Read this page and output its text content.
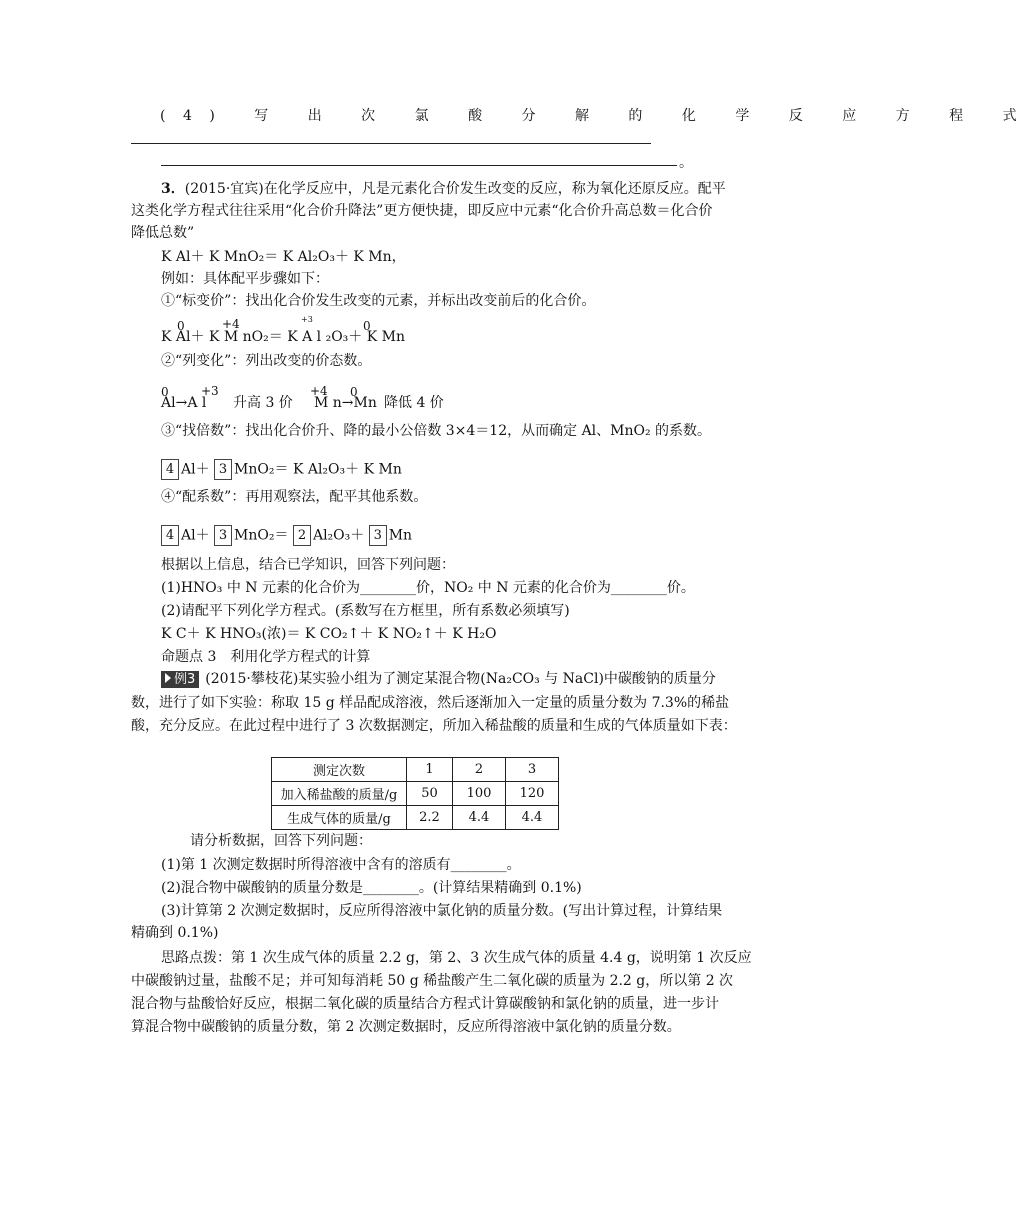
(4) 写 出 次 氯 酸 分 解 的 化 学 反 应 方 程 式
。
3．(2015·宜宾)在化学反应中，凡是元素化合价发生改变的反应，称为氧化还原反应。配平
这类化学方程式往往采用“化合价升降法”更方便快捷，即反应中元素“化合价升高总数＝化合价
降低总数”
K Al＋ K MnO₂＝ K Al₂O₃＋ K Mn，
例如：具体配平步骤如下：
①“标变价”：找出化合价发生改变的元素，并标出改变前后的化合价。
0	+4	+3	0
K Al＋ K M nO₂＝ K A l ₂O₃＋ K Mn
②“列变化”：列出改变的价态数。
0	+3	+4 0
Al→A l 升高 3 价 M n→Mn 降低 4 价
③“找倍数”：找出化合价升、降的最小公倍数 3×4＝12，从而确定 Al、MnO₂ 的系数。
4 Al＋ 3 MnO₂＝ K Al₂O₃＋ K Mn
④“配系数”：再用观察法，配平其他系数。
4 Al＋ 3 MnO₂＝ 2 Al₂O₃＋ 3 Mn
根据以上信息，结合已学知识，回答下列问题：
(1)HNO₃ 中 N 元素的化合价为________价，NO₂ 中 N 元素的化合价为________价。
(2)请配平下列化学方程式。(系数写在方框里，所有系数必须填写)
K C＋ K HNO₃(浓)＝ K CO₂↑＋ K NO₂↑＋ K H₂O
命题点 3　利用化学方程式的计算
例3 (2015·攀枝花)某实验小组为了测定某混合物(Na₂CO₃ 与 NaCl)中碳酸钠的质量分
数，进行了如下实验：称取 15 g 样品配成溶液，然后逐渐加入一定量的质量分数为 7.3%的稀盐
酸，充分反应。在此过程中进行了 3 次数据测定，所加入稀盐酸的质量和生成的气体质量如下表：
测定次数	1	2	3
加入稀盐酸的质量/g	50	100	120
生成气体的质量/g	2.2	4.4	4.4
请分析数据，回答下列问题：
(1)第 1 次测定数据时所得溶液中含有的溶质有________。
(2)混合物中碳酸钠的质量分数是________。(计算结果精确到 0.1%)
(3)计算第 2 次测定数据时，反应所得溶液中氯化钠的质量分数。(写出计算过程，计算结果
精确到 0.1%)
思路点拨：第 1 次生成气体的质量 2.2 g，第 2、3 次生成气体的质量 4.4 g，说明第 1 次反应
中碳酸钠过量，盐酸不足；并可知每消耗 50 g 稀盐酸产生二氧化碳的质量为 2.2 g，所以第 2 次
混合物与盐酸恰好反应，根据二氧化碳的质量结合方程式计算碳酸钠和氯化钠的质量，进一步计
算混合物中碳酸钠的质量分数，第 2 次测定数据时，反应所得溶液中氯化钠的质量分数。
